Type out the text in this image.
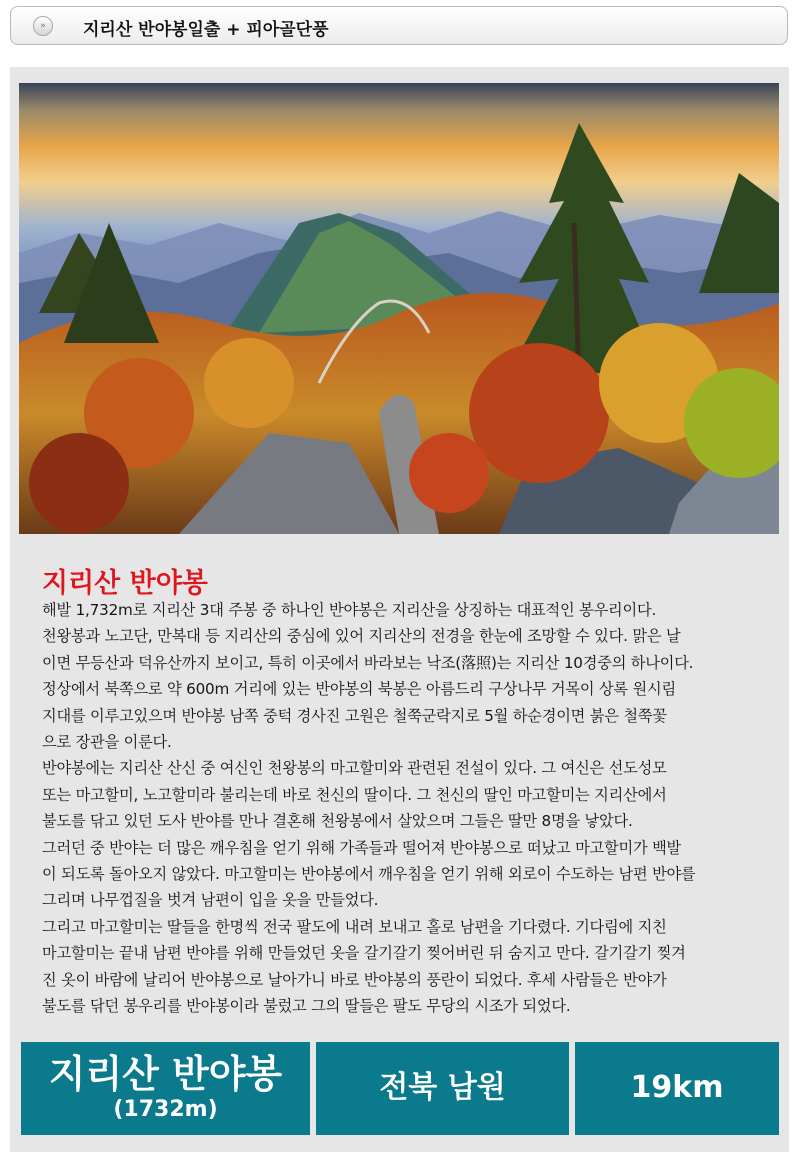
»	지리산 반야봉일출 + 피아골단풍
지리산 반야봉

해발 1,732m로 지리산 3대 주봉 중 하나인 반야봉은 지리산을 상징하는 대표적인 봉우리이다.

천왕봉과 노고단, 만복대 등 지리산의 중심에 있어 지리산의 전경을 한눈에 조망할 수 있다. 맑은 날

이면 무등산과 덕유산까지 보이고, 특히 이곳에서 바라보는 낙조(落照)는 지리산 10경중의 하나이다.

정상에서 북쪽으로 약 600m 거리에 있는 반야봉의 북봉은 아름드리 구상나무 거목이 상록 원시림

지대를 이루고있으며 반야봉 남쪽 중턱 경사진 고원은 철쭉군락지로 5월 하순경이면 붉은 철쭉꽃

으로 장관을 이룬다.

반야봉에는 지리산 산신 중 여신인 천왕봉의 마고할미와 관련된 전설이 있다. 그 여신은 선도성모

또는 마고할미, 노고할미라 불리는데 바로 천신의 딸이다. 그 천신의 딸인 마고할미는 지리산에서

불도를 닦고 있던 도사 반야를 만나 결혼해 천왕봉에서 살았으며 그들은 딸만 8명을 낳았다.

그러던 중 반야는 더 많은 깨우침을 얻기 위해 가족들과 떨어져 반야봉으로 떠났고 마고할미가 백발

이 되도록 돌아오지 않았다. 마고할미는 반야봉에서 깨우침을 얻기 위해 외로이 수도하는 남편 반야를

그리며 나무껍질을 벗겨 남편이 입을 옷을 만들었다.

그리고 마고할미는 딸들을 한명씩 전국 팔도에 내려 보내고 홀로 남편을 기다렸다. 기다림에 지친

마고할미는 끝내 남편 반야를 위해 만들었던 옷을 갈기갈기 찢어버린 뒤 숨지고 만다. 갈기갈기 찢겨

진 옷이 바람에 날리어 반야봉으로 날아가니 바로 반야봉의 풍란이 되었다. 후세 사람들은 반야가

불도를 닦던 봉우리를 반야봉이라 불렀고 그의 딸들은 팔도 무당의 시조가 되었다.

지리산 반야봉
(1732m)
전북 남원	19km
